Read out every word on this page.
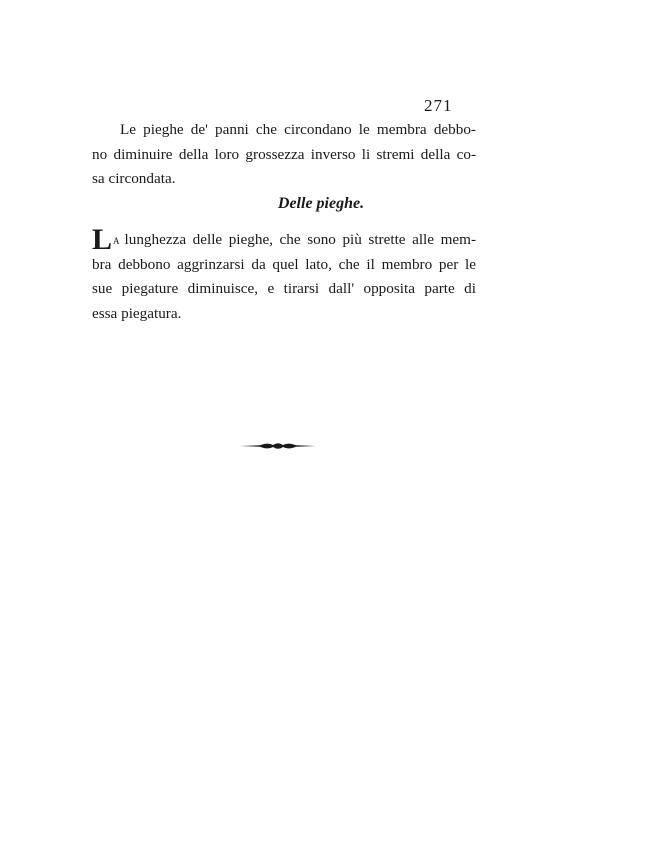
271

Le pieghe de' panni che circondano le membra debbo-
no diminuire della loro grossezza inverso li stremi della co-
sa circondata.

Delle pieghe.

La lunghezza delle pieghe, che sono più strette alle mem-
bra debbono aggrinzarsi da quel lato, che il membro per le
sue piegature diminuisce, e tirarsi dall' opposita parte di
essa piegatura.
